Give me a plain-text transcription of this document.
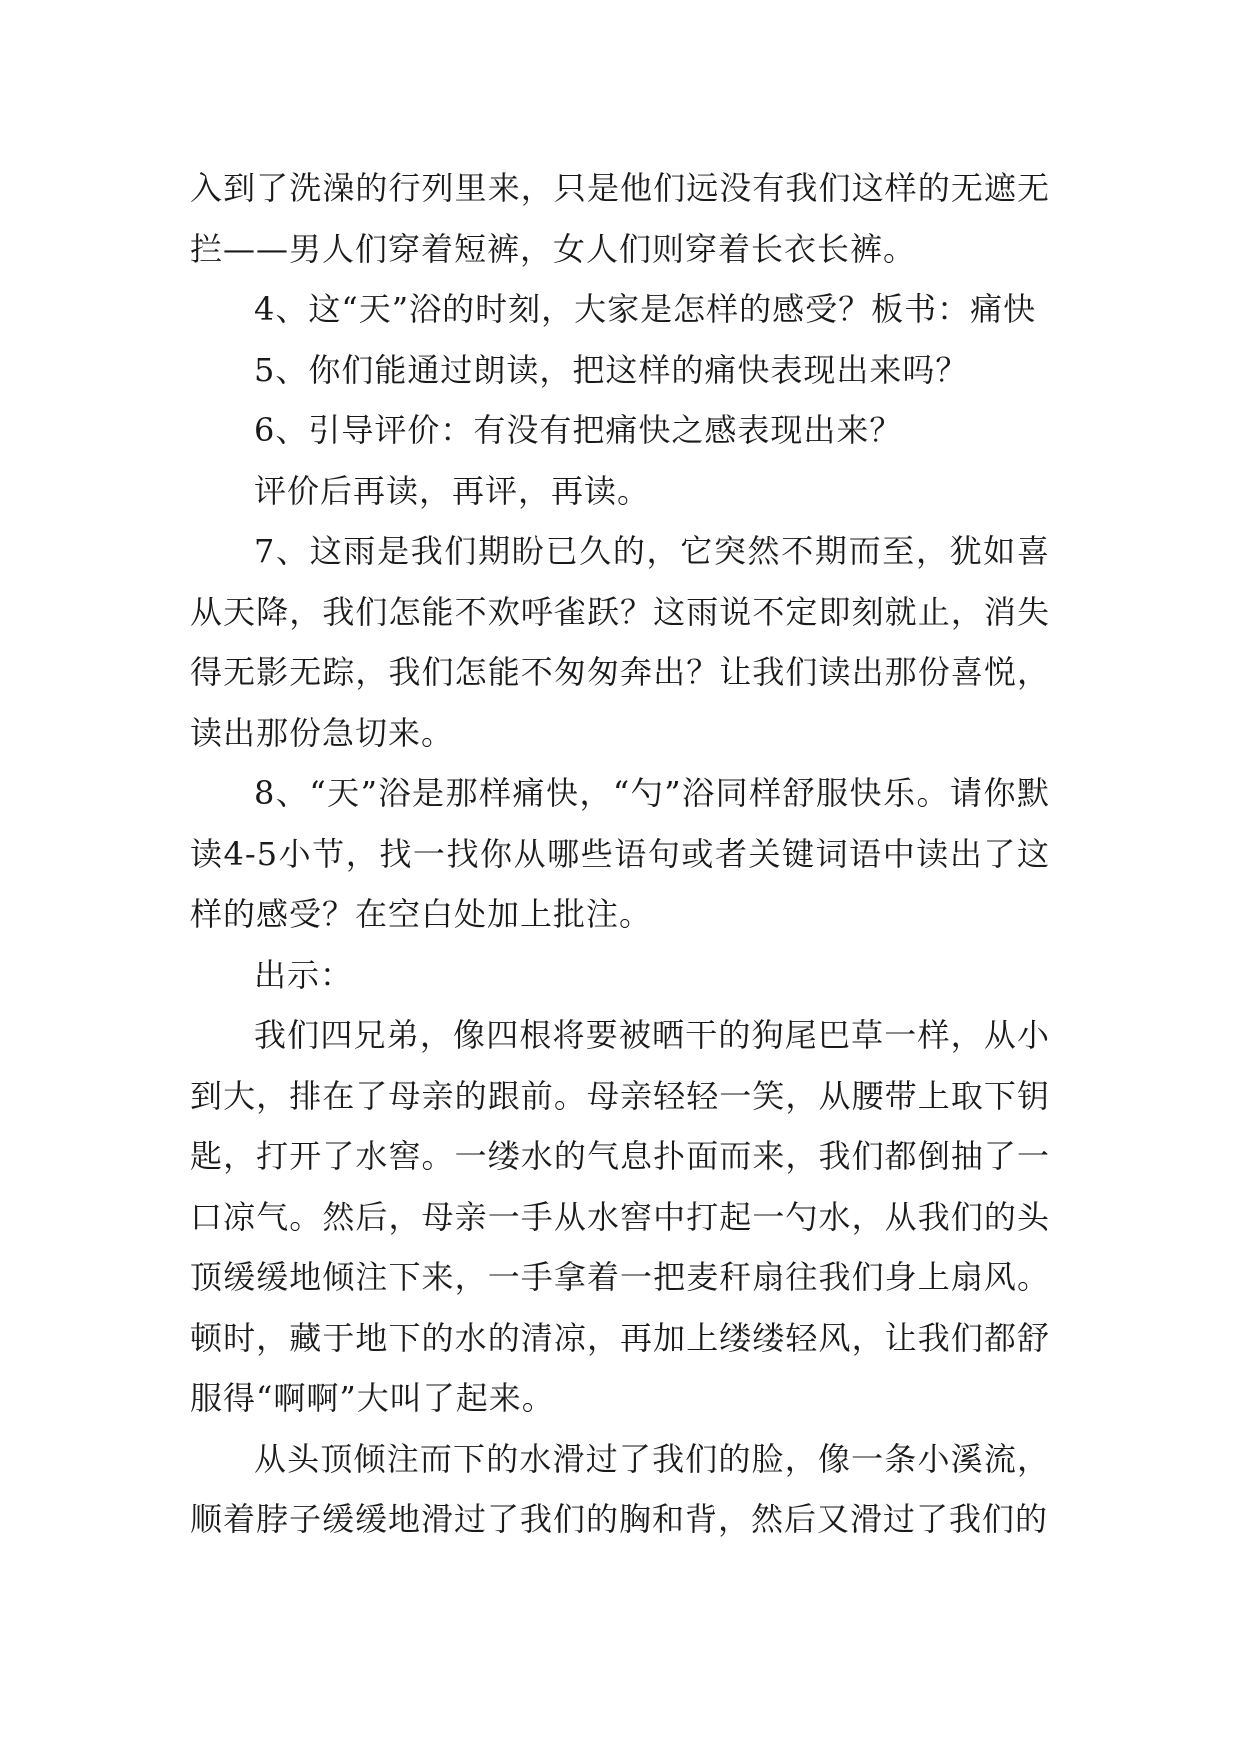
入到了洗澡的行列里来，只是他们远没有我们这样的无遮无拦——男人们穿着短裤，女人们则穿着长衣长裤。

4、这“天”浴的时刻，大家是怎样的感受？板书：痛快

5、你们能通过朗读，把这样的痛快表现出来吗？

6、引导评价：有没有把痛快之感表现出来？

评价后再读，再评，再读。

7、这雨是我们期盼已久的，它突然不期而至，犹如喜从天降，我们怎能不欢呼雀跃？这雨说不定即刻就止，消失得无影无踪，我们怎能不匆匆奔出？让我们读出那份喜悦，读出那份急切来。

8、“天”浴是那样痛快，“勺”浴同样舒服快乐。请你默读4-5小节，找一找你从哪些语句或者关键词语中读出了这样的感受？在空白处加上批注。

出示：

我们四兄弟，像四根将要被晒干的狗尾巴草一样，从小到大，排在了母亲的跟前。母亲轻轻一笑，从腰带上取下钥匙，打开了水窖。一缕水的气息扑面而来，我们都倒抽了一口凉气。然后，母亲一手从水窖中打起一勺水，从我们的头顶缓缓地倾注下来，一手拿着一把麦秆扇往我们身上扇风。顿时，藏于地下的水的清凉，再加上缕缕轻风，让我们都舒服得“啊啊”大叫了起来。

从头顶倾注而下的水滑过了我们的脸，像一条小溪流，顺着脖子缓缓地滑过了我们的胸和背，然后又滑过了我们的
